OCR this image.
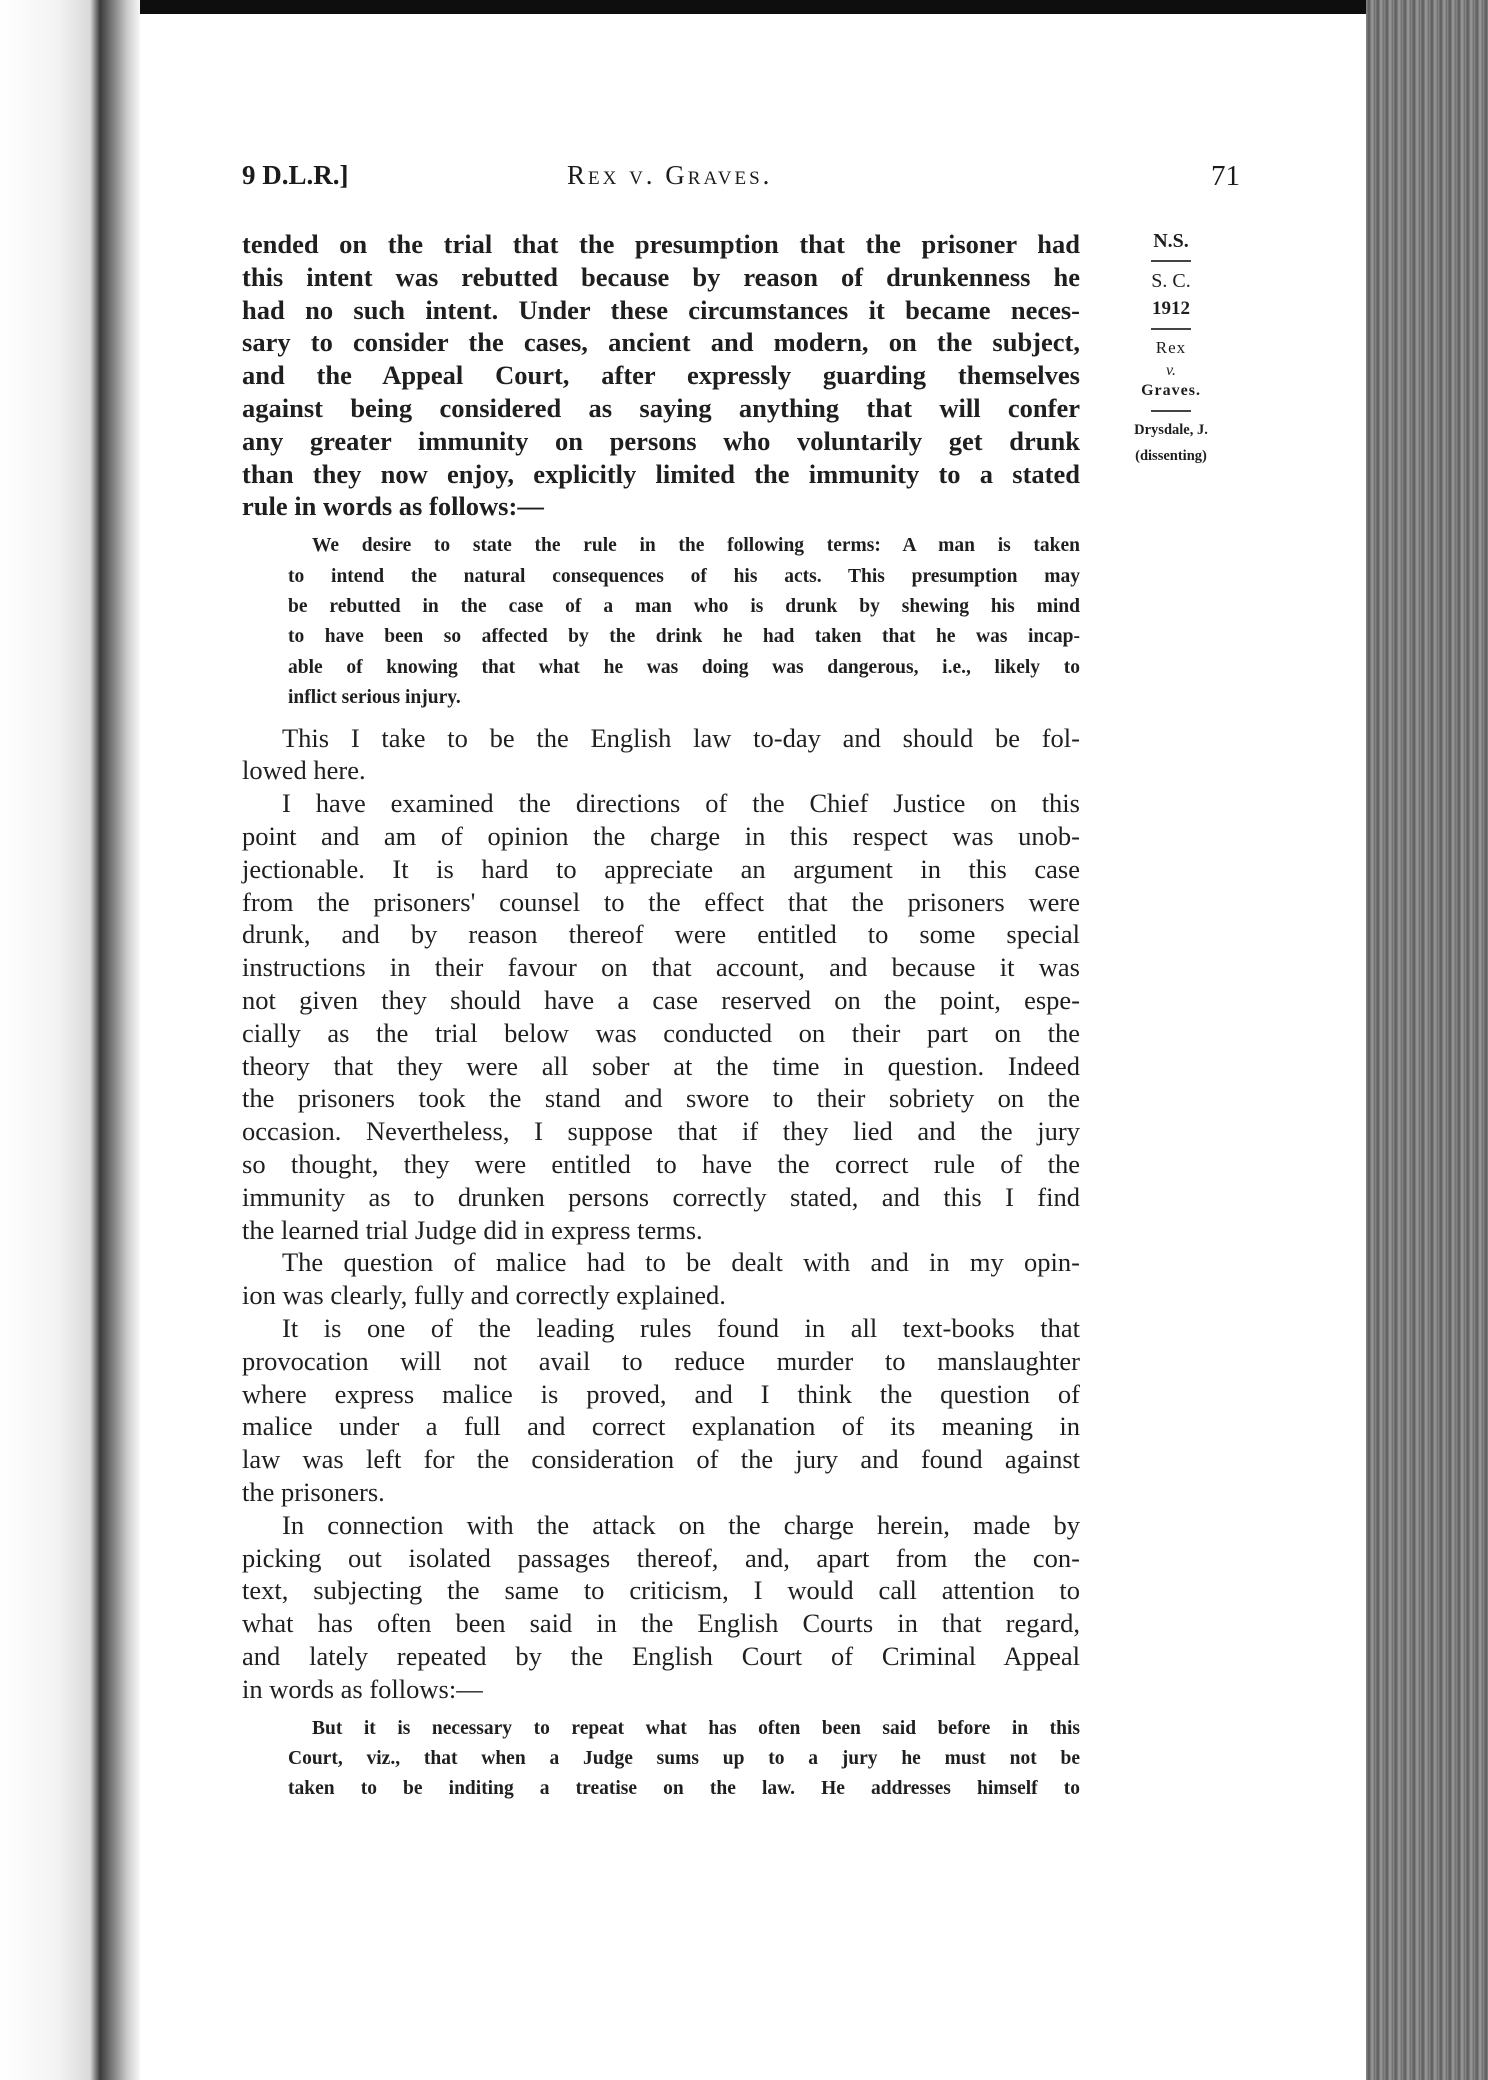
9 D.L.R.]	Rex v. Graves.	71
N.S.
S. C.
1912
Rex
v.
Graves.
Drysdale, J.
(dissenting)
tended on the trial that the presumption that the prisoner had
this intent was rebutted because by reason of drunkenness he
had no such intent. Under these circumstances it became neces-
sary to consider the cases, ancient and modern, on the subject,
and the Appeal Court, after expressly guarding themselves
against being considered as saying anything that will confer
any greater immunity on persons who voluntarily get drunk
than they now enjoy, explicitly limited the immunity to a stated
rule in words as follows:—
We desire to state the rule in the following terms: A man is taken
to intend the natural consequences of his acts. This presumption may
be rebutted in the case of a man who is drunk by shewing his mind
to have been so affected by the drink he had taken that he was incap-
able of knowing that what he was doing was dangerous, i.e., likely to
inflict serious injury.
This I take to be the English law to-day and should be fol-
lowed here.
I have examined the directions of the Chief Justice on this
point and am of opinion the charge in this respect was unob-
jectionable. It is hard to appreciate an argument in this case
from the prisoners' counsel to the effect that the prisoners were
drunk, and by reason thereof were entitled to some special
instructions in their favour on that account, and because it was
not given they should have a case reserved on the point, espe-
cially as the trial below was conducted on their part on the
theory that they were all sober at the time in question. Indeed
the prisoners took the stand and swore to their sobriety on the
occasion. Nevertheless, I suppose that if they lied and the jury
so thought, they were entitled to have the correct rule of the
immunity as to drunken persons correctly stated, and this I find
the learned trial Judge did in express terms.
The question of malice had to be dealt with and in my opin-
ion was clearly, fully and correctly explained.
It is one of the leading rules found in all text-books that
provocation will not avail to reduce murder to manslaughter
where express malice is proved, and I think the question of
malice under a full and correct explanation of its meaning in
law was left for the consideration of the jury and found against
the prisoners.
In connection with the attack on the charge herein, made by
picking out isolated passages thereof, and, apart from the con-
text, subjecting the same to criticism, I would call attention to
what has often been said in the English Courts in that regard,
and lately repeated by the English Court of Criminal Appeal
in words as follows:—
But it is necessary to repeat what has often been said before in this
Court, viz., that when a Judge sums up to a jury he must not be
taken to be inditing a treatise on the law. He addresses himself to
